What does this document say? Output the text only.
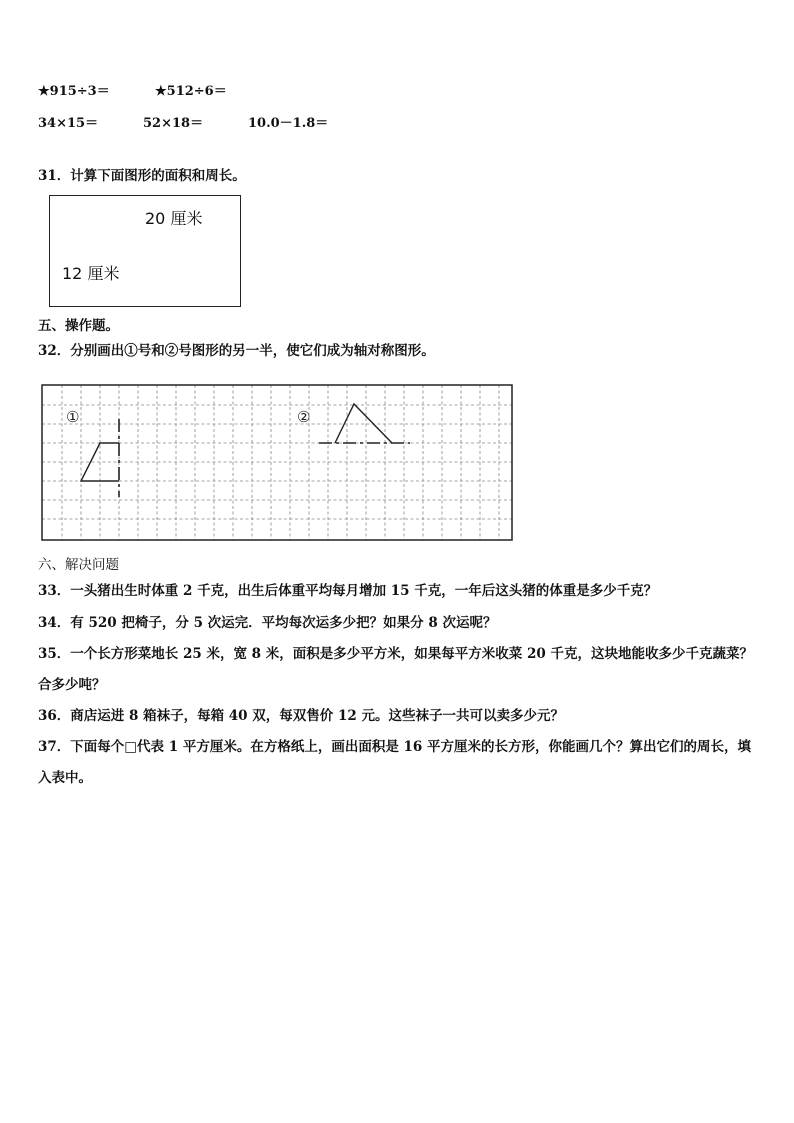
★915÷3＝	★512÷6＝
34×15＝	52×18＝	10.0－1.8＝
31．计算下面图形的面积和周长。
20 厘米
12 厘米
五、操作题。
32．分别画出①号和②号图形的另一半，使它们成为轴对称图形。
①	②
六、解决问题
33．一头猪出生时体重 2 千克，出生后体重平均每月增加 15 千克，一年后这头猪的体重是多少千克？
34．有 520 把椅子，分 5 次运完．平均每次运多少把？如果分 8 次运呢？
35．一个长方形菜地长 25 米，宽 8 米，面积是多少平方米，如果每平方米收菜 20 千克，这块地能收多少千克蔬菜？
合多少吨？
36．商店运进 8 箱袜子，每箱 40 双，每双售价 12 元。这些袜子一共可以卖多少元？
37．下面每个□代表 1 平方厘米。在方格纸上，画出面积是 16 平方厘米的长方形，你能画几个？算出它们的周长，填
入表中。
